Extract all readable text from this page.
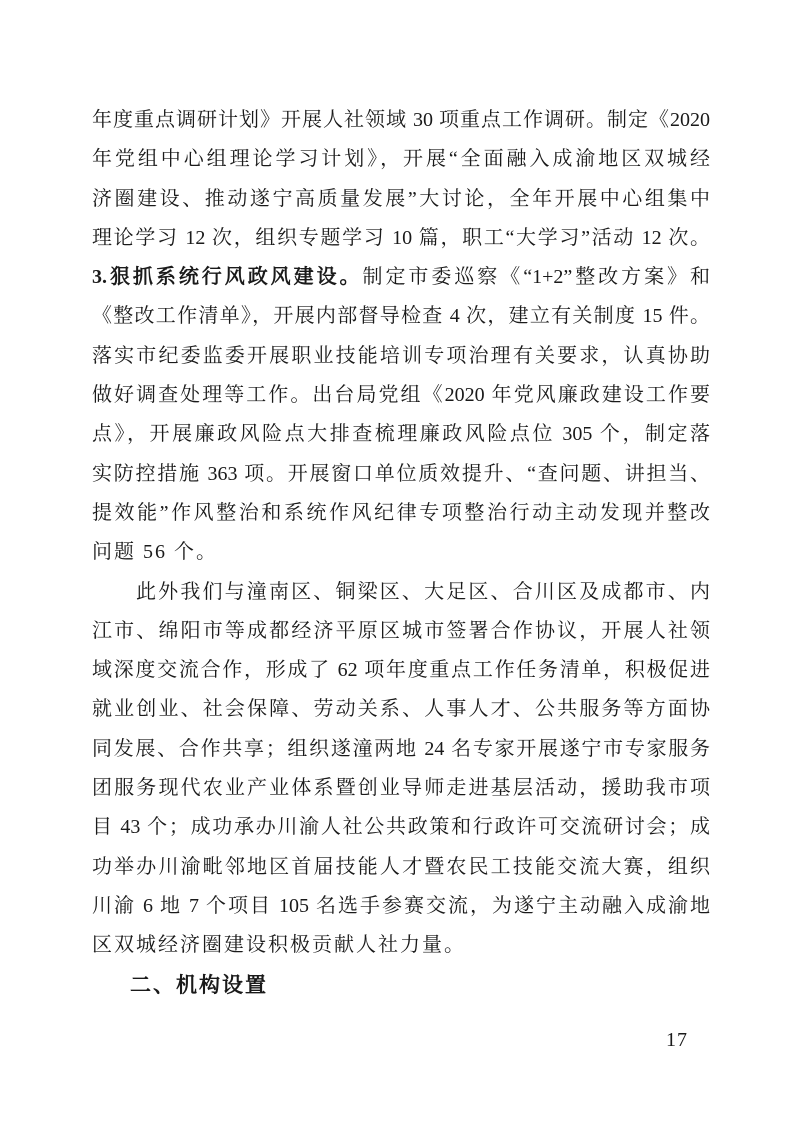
年度重点调研计划》开展人社领域 30 项重点工作调研。制定《2020
年党组中心组理论学习计划》，开展“全面融入成渝地区双城经
济圈建设、推动遂宁高质量发展”大讨论，全年开展中心组集中
理论学习 12 次，组织专题学习 10 篇，职工“大学习”活动 12 次。
3.狠抓系统行风政风建设。制定市委巡察《“1+2”整改方案》和
《整改工作清单》，开展内部督导检查 4 次，建立有关制度 15 件。
落实市纪委监委开展职业技能培训专项治理有关要求，认真协助
做好调查处理等工作。出台局党组《2020 年党风廉政建设工作要
点》，开展廉政风险点大排查梳理廉政风险点位 305 个，制定落
实防控措施 363 项。开展窗口单位质效提升、“查问题、讲担当、
提效能”作风整治和系统作风纪律专项整治行动主动发现并整改
问题 56 个。
此外我们与潼南区、铜梁区、大足区、合川区及成都市、内
江市、绵阳市等成都经济平原区城市签署合作协议，开展人社领
域深度交流合作，形成了 62 项年度重点工作任务清单，积极促进
就业创业、社会保障、劳动关系、人事人才、公共服务等方面协
同发展、合作共享；组织遂潼两地 24 名专家开展遂宁市专家服务
团服务现代农业产业体系暨创业导师走进基层活动，援助我市项
目 43 个；成功承办川渝人社公共政策和行政许可交流研讨会；成
功举办川渝毗邻地区首届技能人才暨农民工技能交流大赛，组织
川渝 6 地 7 个项目 105 名选手参赛交流，为遂宁主动融入成渝地
区双城经济圈建设积极贡献人社力量。
二、机构设置
17
